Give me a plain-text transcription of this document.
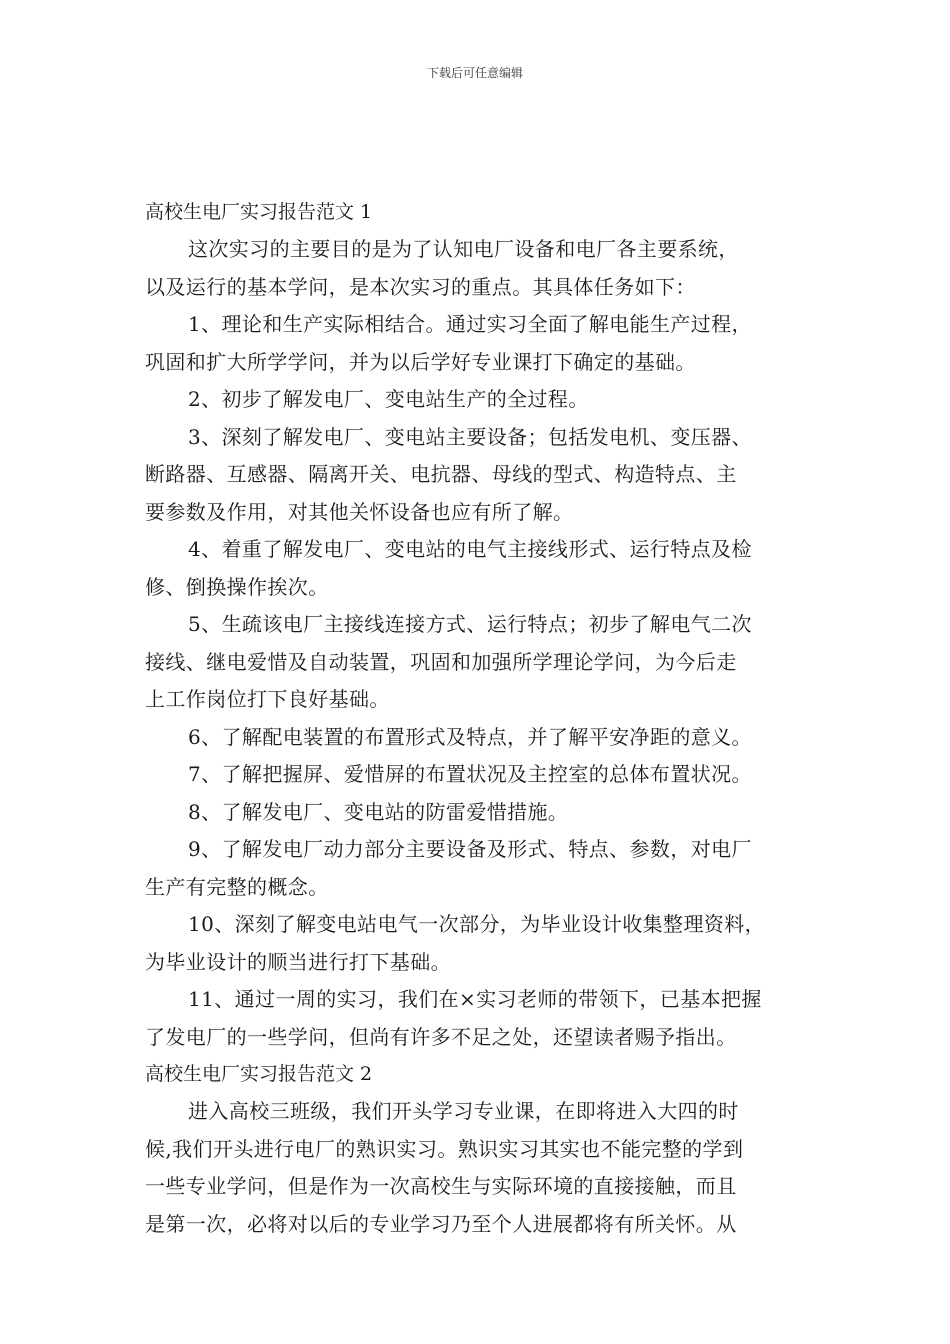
下载后可任意编辑
高校生电厂实习报告范文 1

这次实习的主要目的是为了认知电厂设备和电厂各主要系统，
以及运行的基本学问，是本次实习的重点。其具体任务如下：

1、理论和生产实际相结合。通过实习全面了解电能生产过程，
巩固和扩大所学学问，并为以后学好专业课打下确定的基础。

2、初步了解发电厂、变电站生产的全过程。

3、深刻了解发电厂、变电站主要设备；包括发电机、变压器、
断路器、互感器、隔离开关、电抗器、母线的型式、构造特点、主
要参数及作用，对其他关怀设备也应有所了解。

4、着重了解发电厂、变电站的电气主接线形式、运行特点及检
修、倒换操作挨次。

5、生疏该电厂主接线连接方式、运行特点；初步了解电气二次
接线、继电爱惜及自动装置，巩固和加强所学理论学问，为今后走
上工作岗位打下良好基础。

6、了解配电装置的布置形式及特点，并了解平安净距的意义。

7、了解把握屏、爱惜屏的布置状况及主控室的总体布置状况。

8、了解发电厂、变电站的防雷爱惜措施。

9、了解发电厂动力部分主要设备及形式、特点、参数，对电厂
生产有完整的概念。

10、深刻了解变电站电气一次部分，为毕业设计收集整理资料，
为毕业设计的顺当进行打下基础。

11、通过一周的实习，我们在×实习老师的带领下，已基本把握
了发电厂的一些学问，但尚有许多不足之处，还望读者赐予指出。

高校生电厂实习报告范文 2

进入高校三班级，我们开头学习专业课，在即将进入大四的时
候,我们开头进行电厂的熟识实习。熟识实习其实也不能完整的学到
一些专业学问，但是作为一次高校生与实际环境的直接接触，而且
是第一次，必将对以后的专业学习乃至个人进展都将有所关怀。从
